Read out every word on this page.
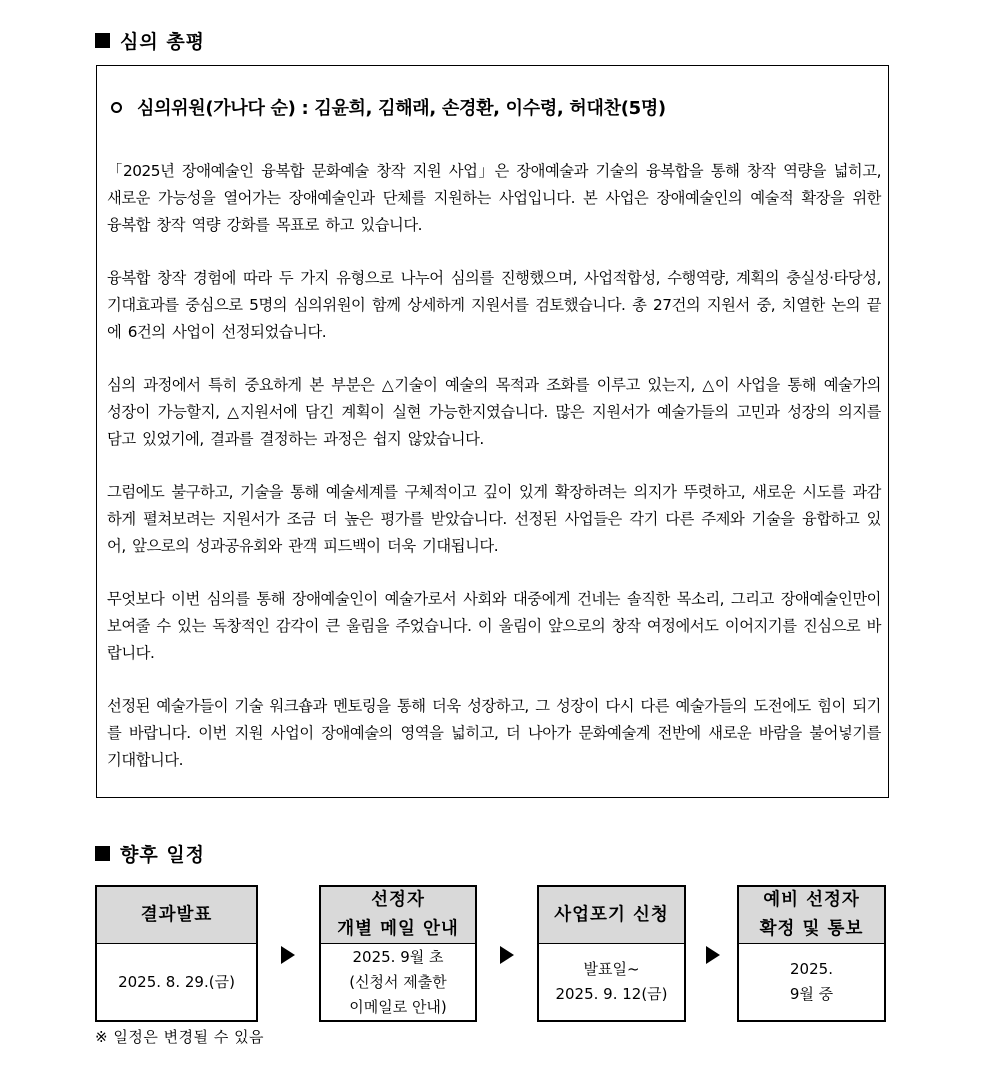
심의 총평
심의위원(가나다 순) : 김윤희, 김해래, 손경환, 이수령, 허대찬(5명)
「2025년 장애예술인 융복합 문화예술 창작 지원 사업」은 장애예술과 기술의 융복합을 통해 창작 역량을 넓히고, 새로운 가능성을 열어가는 장애예술인과 단체를 지원하는 사업입니다. 본 사업은 장애예술인의 예술적 확장을 위한 융복합 창작 역량 강화를 목표로 하고 있습니다.
융복합 창작 경험에 따라 두 가지 유형으로 나누어 심의를 진행했으며, 사업적합성, 수행역량, 계획의 충실성·타당성, 기대효과를 중심으로 5명의 심의위원이 함께 상세하게 지원서를 검토했습니다. 총 27건의 지원서 중, 치열한 논의 끝에 6건의 사업이 선정되었습니다.
심의 과정에서 특히 중요하게 본 부분은 △기술이 예술의 목적과 조화를 이루고 있는지, △이 사업을 통해 예술가의 성장이 가능할지, △지원서에 담긴 계획이 실현 가능한지였습니다. 많은 지원서가 예술가들의 고민과 성장의 의지를 담고 있었기에, 결과를 결정하는 과정은 쉽지 않았습니다.
그럼에도 불구하고, 기술을 통해 예술세계를 구체적이고 깊이 있게 확장하려는 의지가 뚜렷하고, 새로운 시도를 과감하게 펼쳐보려는 지원서가 조금 더 높은 평가를 받았습니다. 선정된 사업들은 각기 다른 주제와 기술을 융합하고 있어, 앞으로의 성과공유회와 관객 피드백이 더욱 기대됩니다.
무엇보다 이번 심의를 통해 장애예술인이 예술가로서 사회와 대중에게 건네는 솔직한 목소리, 그리고 장애예술인만이 보여줄 수 있는 독창적인 감각이 큰 울림을 주었습니다. 이 울림이 앞으로의 창작 여정에서도 이어지기를 진심으로 바랍니다.
선정된 예술가들이 기술 워크숍과 멘토링을 통해 더욱 성장하고, 그 성장이 다시 다른 예술가들의 도전에도 힘이 되기를 바랍니다. 이번 지원 사업이 장애예술의 영역을 넓히고, 더 나아가 문화예술계 전반에 새로운 바람을 불어넣기를 기대합니다.
향후 일정
결과발표
2025. 8. 29.(금)
선정자
개별 메일 안내
2025. 9월 초
(신청서 제출한
이메일로 안내)
사업포기 신청
발표일~
2025. 9. 12(금)
예비 선정자
확정 및 통보
2025.
9월 중
※ 일정은 변경될 수 있음
